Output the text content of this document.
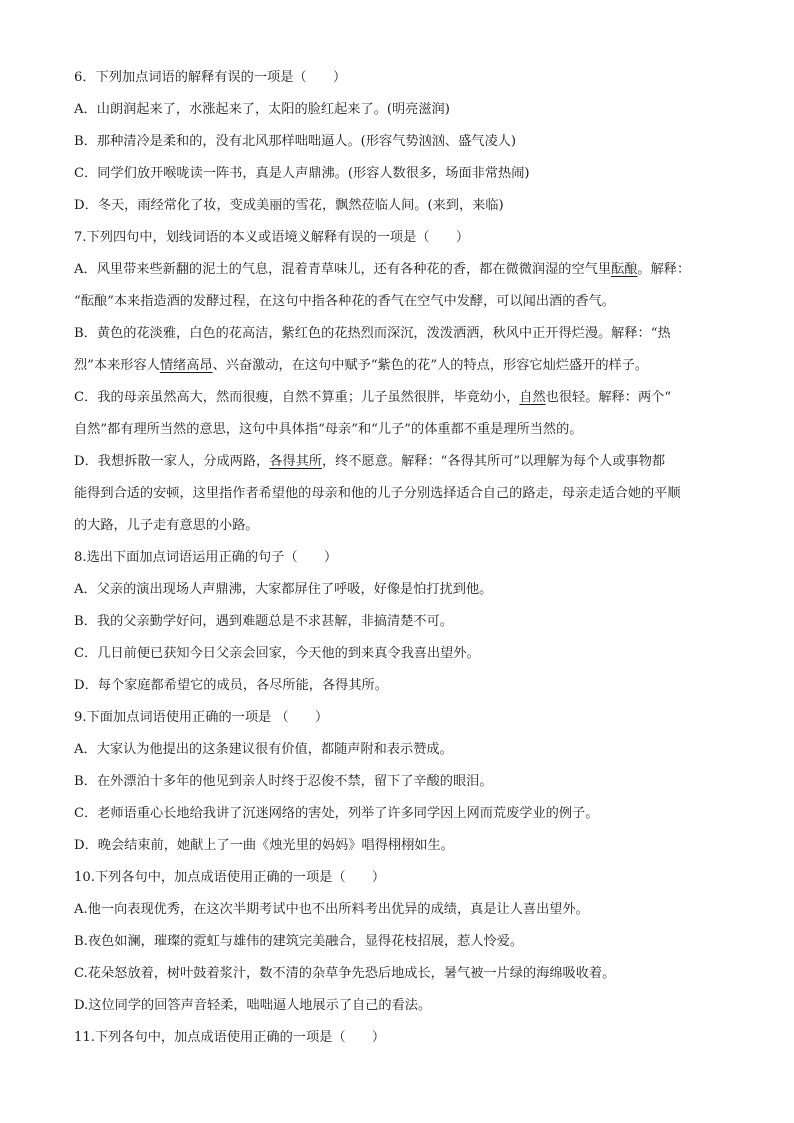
6．下列加点词语的解释有误的一项是（　　）
A．山朗润起来了，水涨起来了，太阳的脸红起来了。(明亮滋润)
B．那种清冷是柔和的，没有北风那样咄咄逼人。(形容气势汹汹、盛气凌人)
C．同学们放开喉咙读一阵书，真是人声鼎沸。(形容人数很多，场面非常热闹)
D．冬天，雨经常化了妆，变成美丽的雪花，飘然莅临人间。(来到，来临)
7.下列四句中，划线词语的本义或语境义解释有误的一项是（　　）
A．风里带来些新翻的泥土的气息，混着青草味儿，还有各种花的香，都在微微润湿的空气里酝酿。解释：
“酝酿”本来指造酒的发酵过程，在这句中指各种花的香气在空气中发酵，可以闻出酒的香气。
B．黄色的花淡雅，白色的花高洁，紫红色的花热烈而深沉，泼泼洒洒，秋风中正开得烂漫。解释：“热
烈”本来形容人情绪高昂、兴奋激动，在这句中赋予“紫色的花”人的特点，形容它灿烂盛开的样子。
C．我的母亲虽然高大，然而很瘦，自然不算重；儿子虽然很胖，毕竟幼小，自然也很轻。解释：两个“
自然”都有理所当然的意思，这句中具体指“母亲”和“儿子”的体重都不重是理所当然的。
D．我想拆散一家人，分成两路，各得其所，终不愿意。解释：“各得其所可”以理解为每个人或事物都
能得到合适的安顿，这里指作者希望他的母亲和他的儿子分别选择适合自己的路走，母亲走适合她的平顺
的大路，儿子走有意思的小路。
8.选出下面加点词语运用正确的句子（　　）
A．父亲的演出现场人声鼎沸，大家都屏住了呼吸，好像是怕打扰到他。
B．我的父亲勤学好问，遇到难题总是不求甚解，非搞清楚不可。
C．几日前便已获知今日父亲会回家，今天他的到来真令我喜出望外。
D．每个家庭都希望它的成员，各尽所能，各得其所。
9.下面加点词语使用正确的一项是 （　　）
A．大家认为他提出的这条建议很有价值，都随声附和表示赞成。
B．在外漂泊十多年的他见到亲人时终于忍俊不禁，留下了辛酸的眼泪。
C．老师语重心长地给我讲了沉迷网络的害处，列举了许多同学因上网而荒废学业的例子。
D．晚会结束前，她献上了一曲《烛光里的妈妈》唱得栩栩如生。
10.下列各句中，加点成语使用正确的一项是（　　）
A.他一向表现优秀，在这次半期考试中也不出所料考出优异的成绩，真是让人喜出望外。
B.夜色如澜，璀璨的霓虹与雄伟的建筑完美融合，显得花枝招展，惹人怜爱。
C.花朵怒放着，树叶鼓着浆汁，数不清的杂草争先恐后地成长，暑气被一片绿的海绵吸收着。
D.这位同学的回答声音轻柔，咄咄逼人地展示了自己的看法。
11.下列各句中，加点成语使用正确的一项是（　　）
